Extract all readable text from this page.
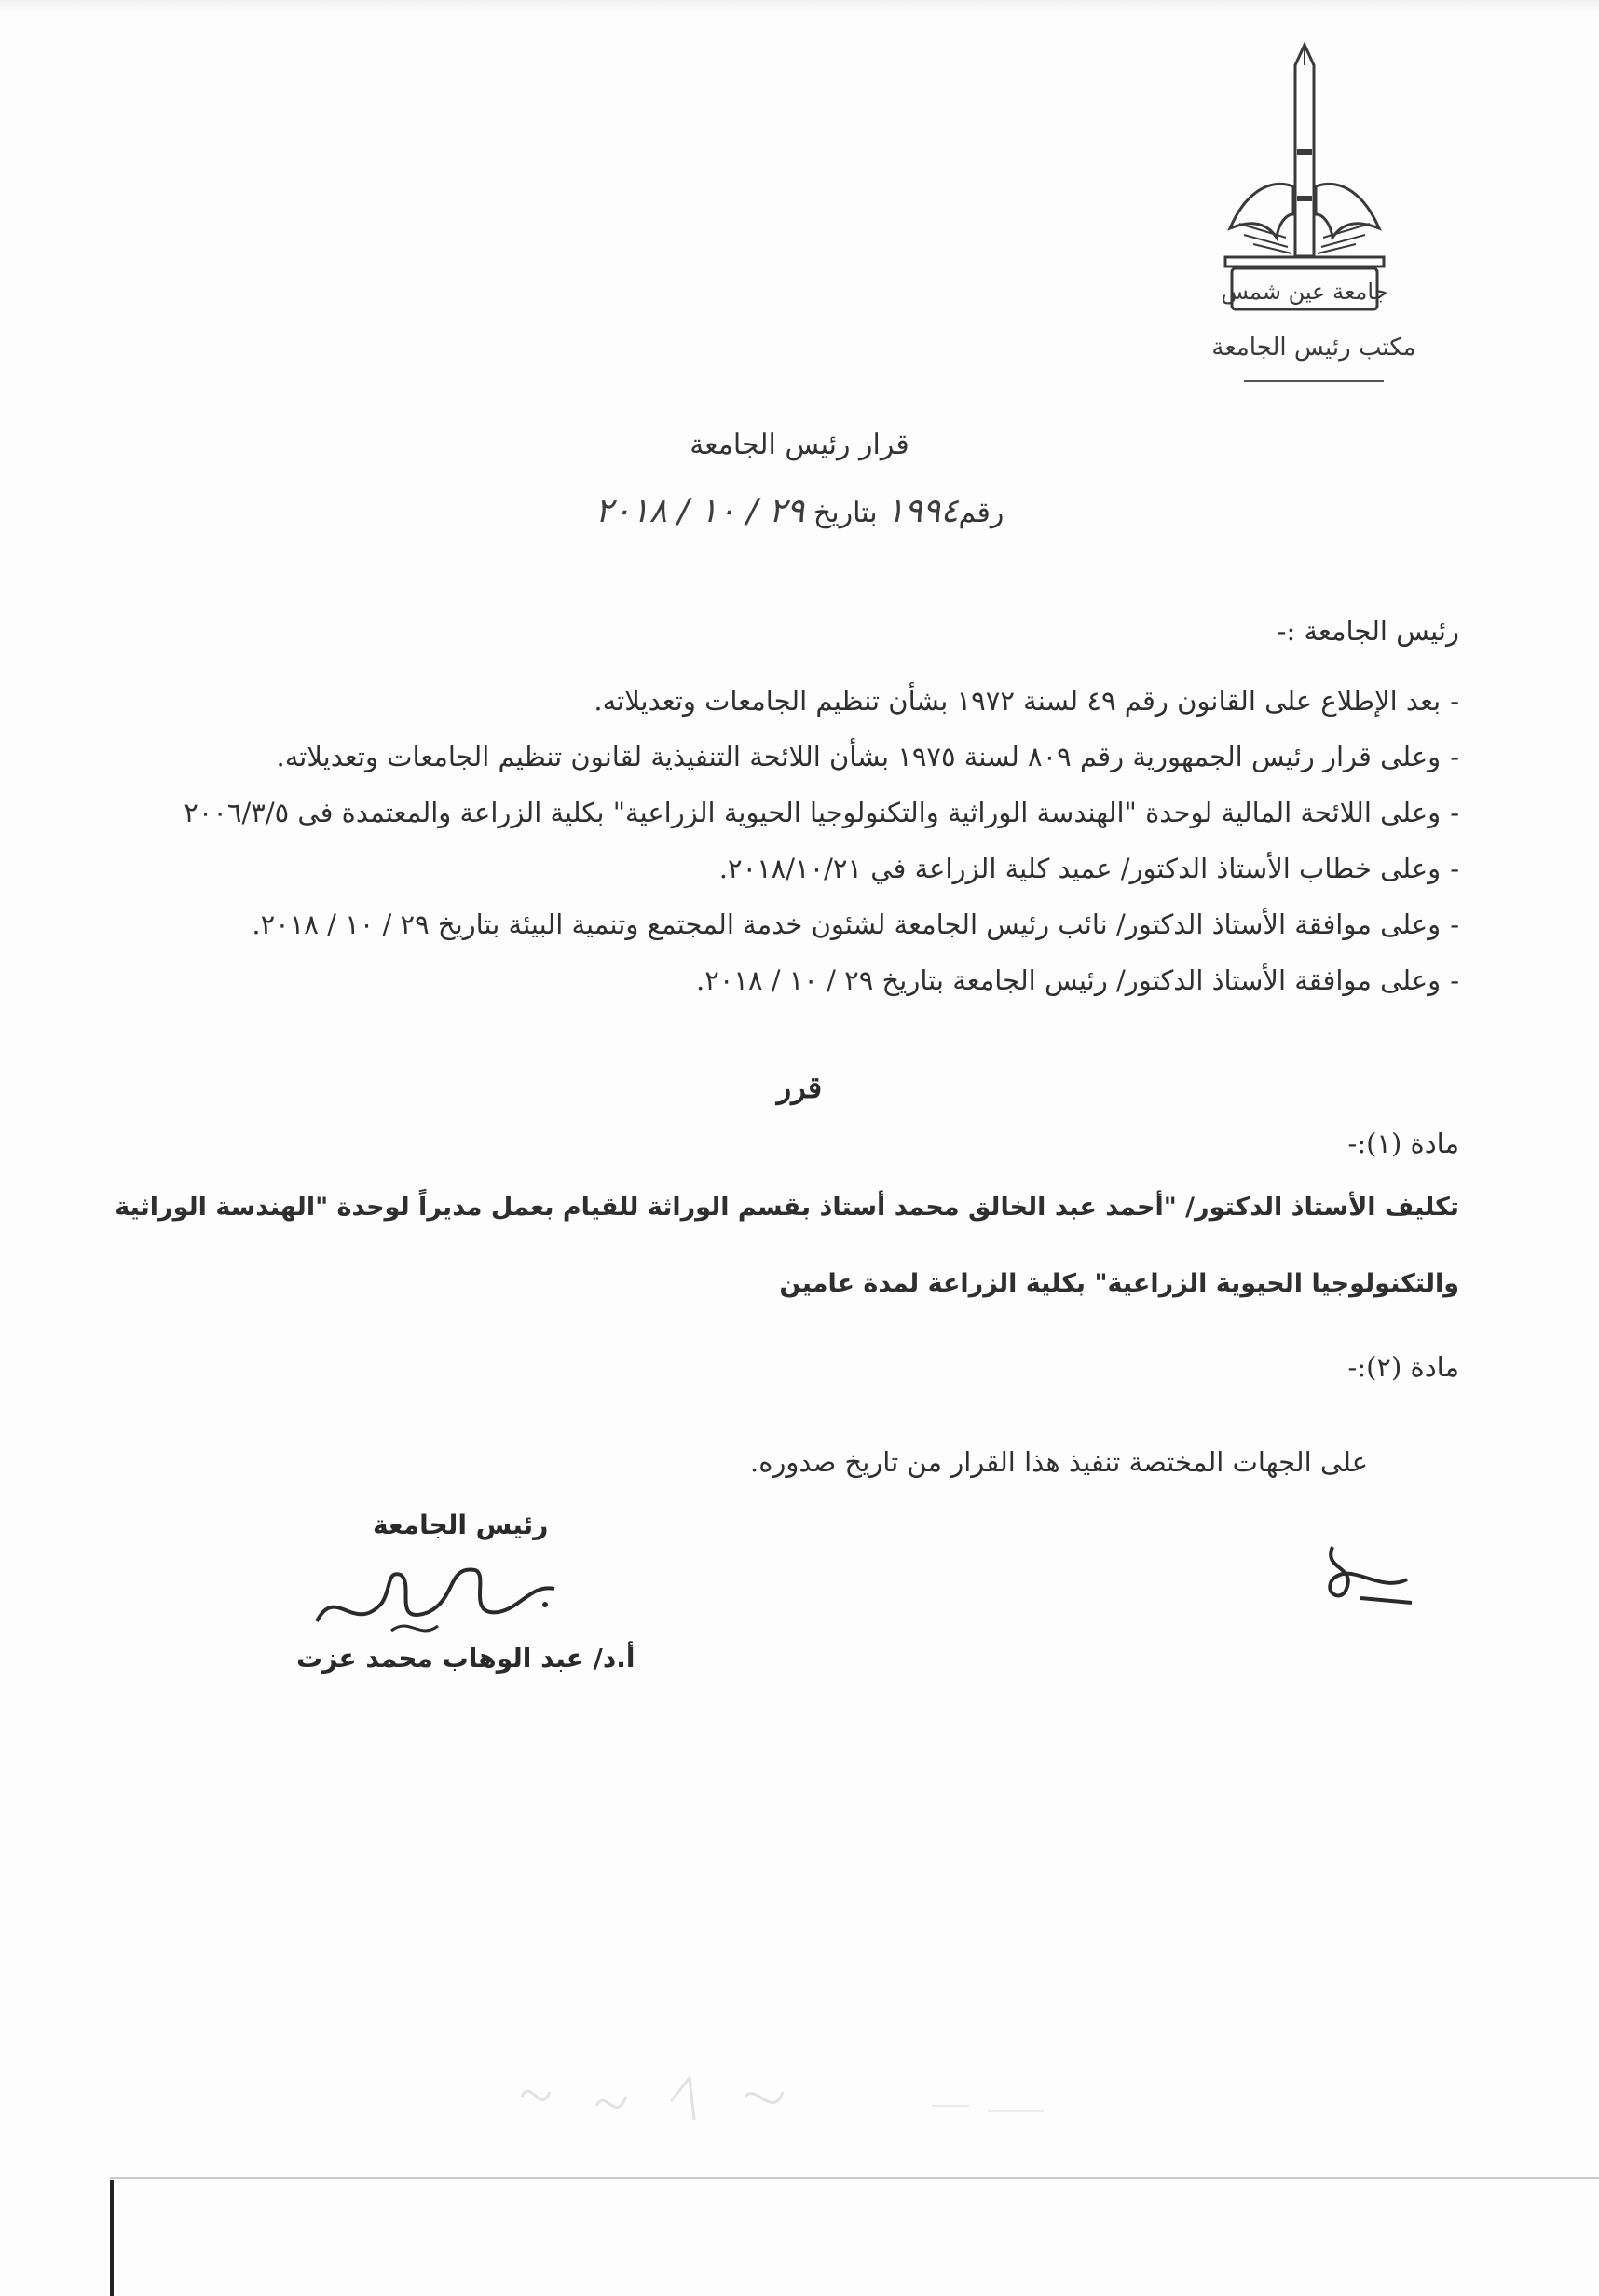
جامعة عين شمس
مكتب رئيس الجامعة
قرار رئيس الجامعة
رقم١٩٩٤ بتاريخ ٢٩ / ١٠ / ٢٠١٨
رئيس الجامعة :-
-بعد الإطلاع على القانون رقم ٤٩ لسنة ١٩٧٢ بشأن تنظيم الجامعات وتعديلاته.
-وعلى قرار رئيس الجمهورية رقم ٨٠٩ لسنة ١٩٧٥ بشأن اللائحة التنفيذية لقانون تنظيم الجامعات وتعديلاته.
-وعلى اللائحة المالية لوحدة "الهندسة الوراثية والتكنولوجيا الحيوية الزراعية" بكلية الزراعة والمعتمدة فى ٢٠٠٦/٣/٥
-وعلى خطاب الأستاذ الدكتور/ عميد كلية الزراعة في ٢٠١٨/١٠/٢١.
-وعلى موافقة الأستاذ الدكتور/ نائب رئيس الجامعة لشئون خدمة المجتمع وتنمية البيئة بتاريخ ٢٩ / ١٠ / ٢٠١٨.
-وعلى موافقة الأستاذ الدكتور/ رئيس الجامعة بتاريخ ٢٩ / ١٠ / ٢٠١٨.
قرر
مادة (١):-
تكليف الأستاذ الدكتور/ "أحمد عبد الخالق محمد أستاذ بقسم الوراثة للقيام بعمل مديراً لوحدة "الهندسة الوراثية
والتكنولوجيا الحيوية الزراعية" بكلية الزراعة لمدة عامين
مادة (٢):-
على الجهات المختصة تنفيذ هذا القرار من تاريخ صدوره.
رئيس الجامعة
أ.د/ عبد الوهاب محمد عزت
